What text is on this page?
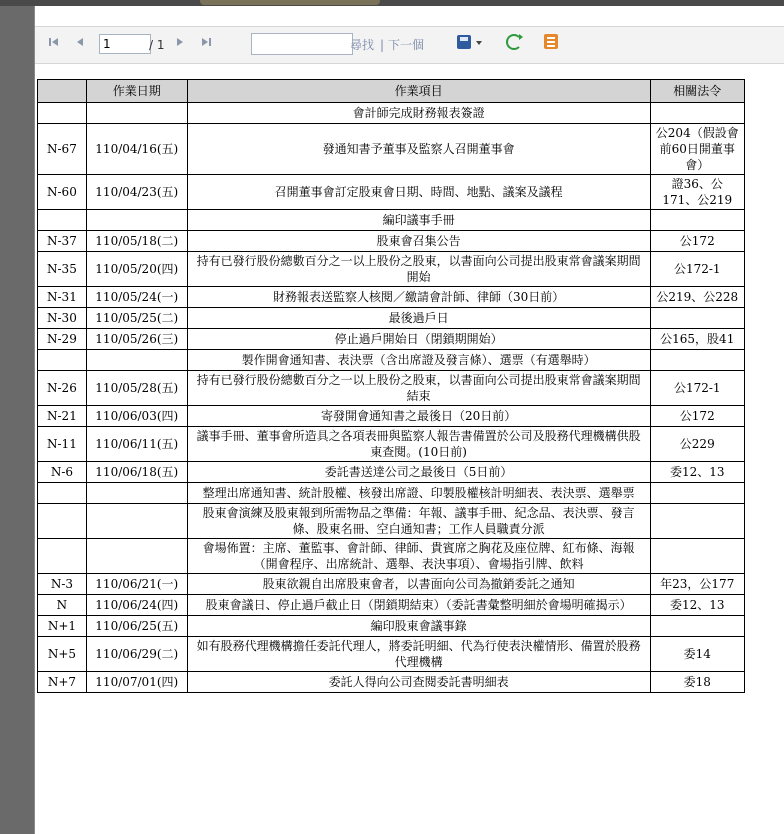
1
/ 1	尋找 | 下一個
	作業日期	作業項目	相關法令
		會計師完成財務報表簽證	
N-67	110/04/16(五)	發通知書予董事及監察人召開董事會	公204（假設會前60日開董事會）
N-60	110/04/23(五)	召開董事會訂定股東會日期、時間、地點、議案及議程	證36、公171、公219
		編印議事手冊	
N-37	110/05/18(二)	股東會召集公告	公172
N-35	110/05/20(四)	持有已發行股份總數百分之一以上股份之股東，以書面向公司提出股東常會議案期間開始	公172-1
N-31	110/05/24(一)	財務報表送監察人核閱／繳請會計師、律師（30日前）	公219、公228
N-30	110/05/25(二)	最後過戶日	
N-29	110/05/26(三)	停止過戶開始日（閉鎖期開始）	公165，股41
		製作開會通知書、表決票（含出席證及發言條）、選票（有選舉時）	
N-26	110/05/28(五)	持有已發行股份總數百分之一以上股份之股東，以書面向公司提出股東常會議案期間結束	公172-1
N-21	110/06/03(四)	寄發開會通知書之最後日（20日前）	公172
N-11	110/06/11(五)	議事手冊、董事會所造具之各項表冊與監察人報告書備置於公司及股務代理機構供股東查閱。(10日前)	公229
N-6	110/06/18(五)	委託書送達公司之最後日（5日前）	委12、13
		整理出席通知書、統計股權、核發出席證、印製股權核計明細表、表決票、選舉票	
		股東會演練及股東報到所需物品之準備：年報、議事手冊、紀念品、表決票、發言條、股東名冊、空白通知書；工作人員職責分派	
		會場佈置：主席、董監事、會計師、律師、貴賓席之胸花及座位牌、紅布條、海報（開會程序、出席統計、選舉、表決事項）、會場指引牌、飲料	
N-3	110/06/21(一)	股東欲親自出席股東會者，以書面向公司為撤銷委託之通知	年23，公177
N	110/06/24(四)	股東會議日、停止過戶截止日（閉鎖期結束）（委託書彙整明細於會場明確揭示）	委12、13
N+1	110/06/25(五)	編印股東會議事錄	
N+5	110/06/29(二)	如有股務代理機構擔任委託代理人，將委託明細、代為行使表決權情形、備置於股務代理機構	委14
N+7	110/07/01(四)	委託人得向公司查閱委託書明細表	委18
